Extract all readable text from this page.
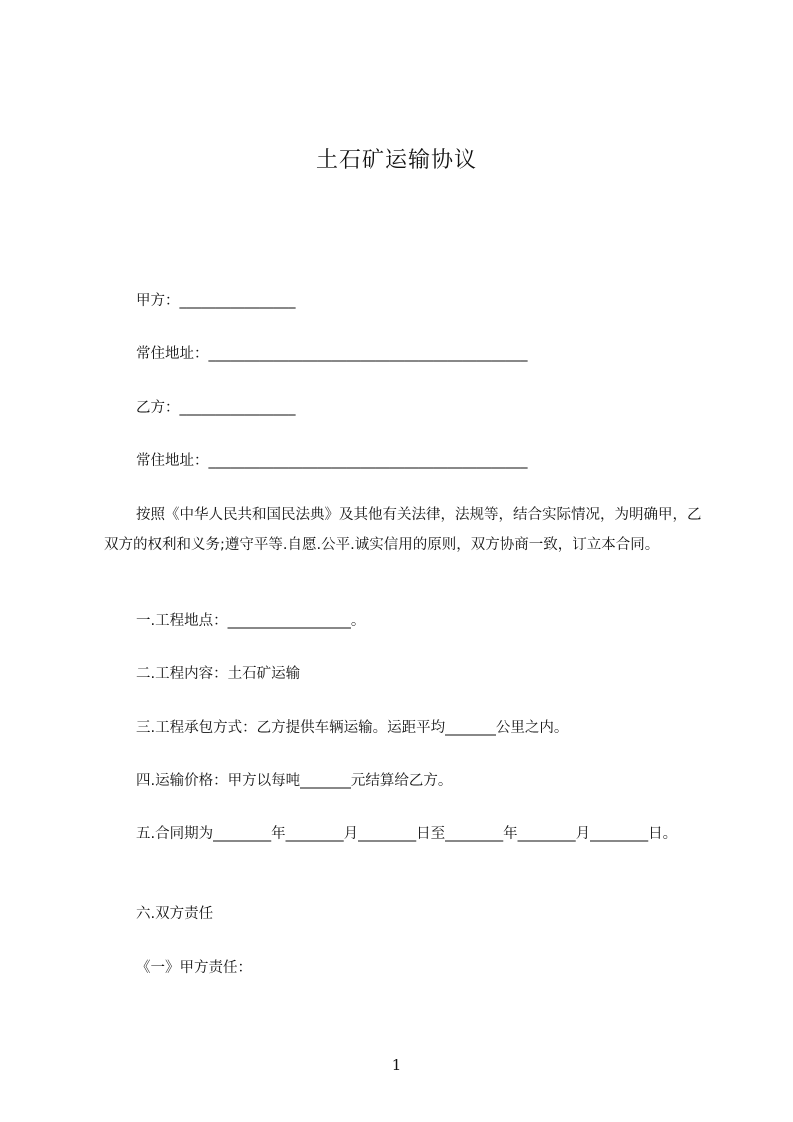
土石矿运输协议

甲方：________________

常住地址：____________________________________________

乙方：________________

常住地址：____________________________________________

按照《中华人民共和国民法典》及其他有关法律，法规等，结合实际情况，为明确甲，乙双方的权利和义务;遵守平等.自愿.公平.诚实信用的原则，双方协商一致，订立本合同。

一.工程地点：_________________。

二.工程内容：土石矿运输

三.工程承包方式：乙方提供车辆运输。运距平均_______公里之内。

四.运输价格：甲方以每吨_______元结算给乙方。

五.合同期为________年________月________日至________年________月________日。

六.双方责任

《一》甲方责任：

1
